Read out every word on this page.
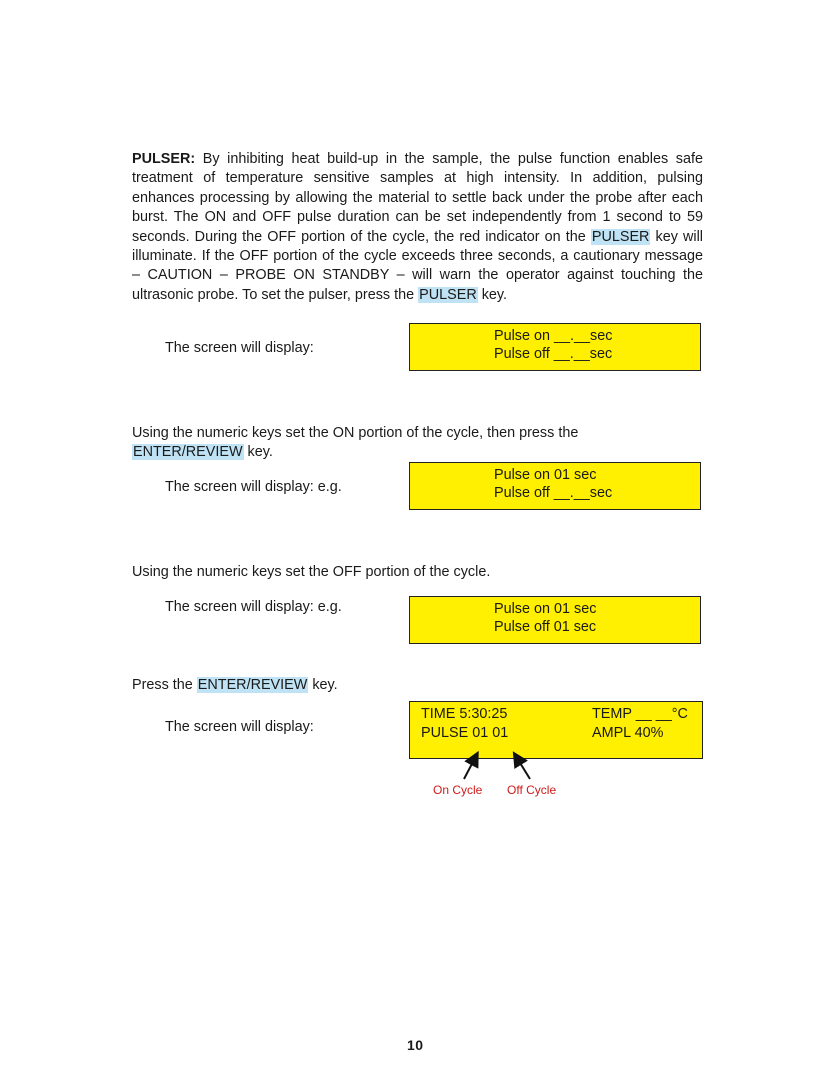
PULSER: By inhibiting heat build-up in the sample, the pulse function enables safe treatment of temperature sensitive samples at high intensity. In addition, pulsing enhances processing by allowing the material to settle back under the probe after each burst. The ON and OFF pulse duration can be set independently from 1 second to 59 seconds. During the OFF portion of the cycle, the red indicator on the PULSER key will illuminate. If the OFF portion of the cycle exceeds three seconds, a cautionary message – CAUTION – PROBE ON STANDBY – will warn the operator against touching the ultrasonic probe. To set the pulser, press the PULSER key.

The screen will display:
Pulse on __.__sec
Pulse off __.__sec

Using the numeric keys set the ON portion of the cycle, then press the
ENTER/REVIEW key.

The screen will display: e.g.
Pulse on 01 sec
Pulse off __.__sec

Using the numeric keys set the OFF portion of the cycle.

The screen will display: e.g.	Pulse on 01 sec
Pulse off 01 sec

Press the ENTER/REVIEW key.

The screen will display:
TIME 5:30:25	TEMP __ __°C
PULSE 01 01	AMPL 40%
On Cycle Off Cycle
10
